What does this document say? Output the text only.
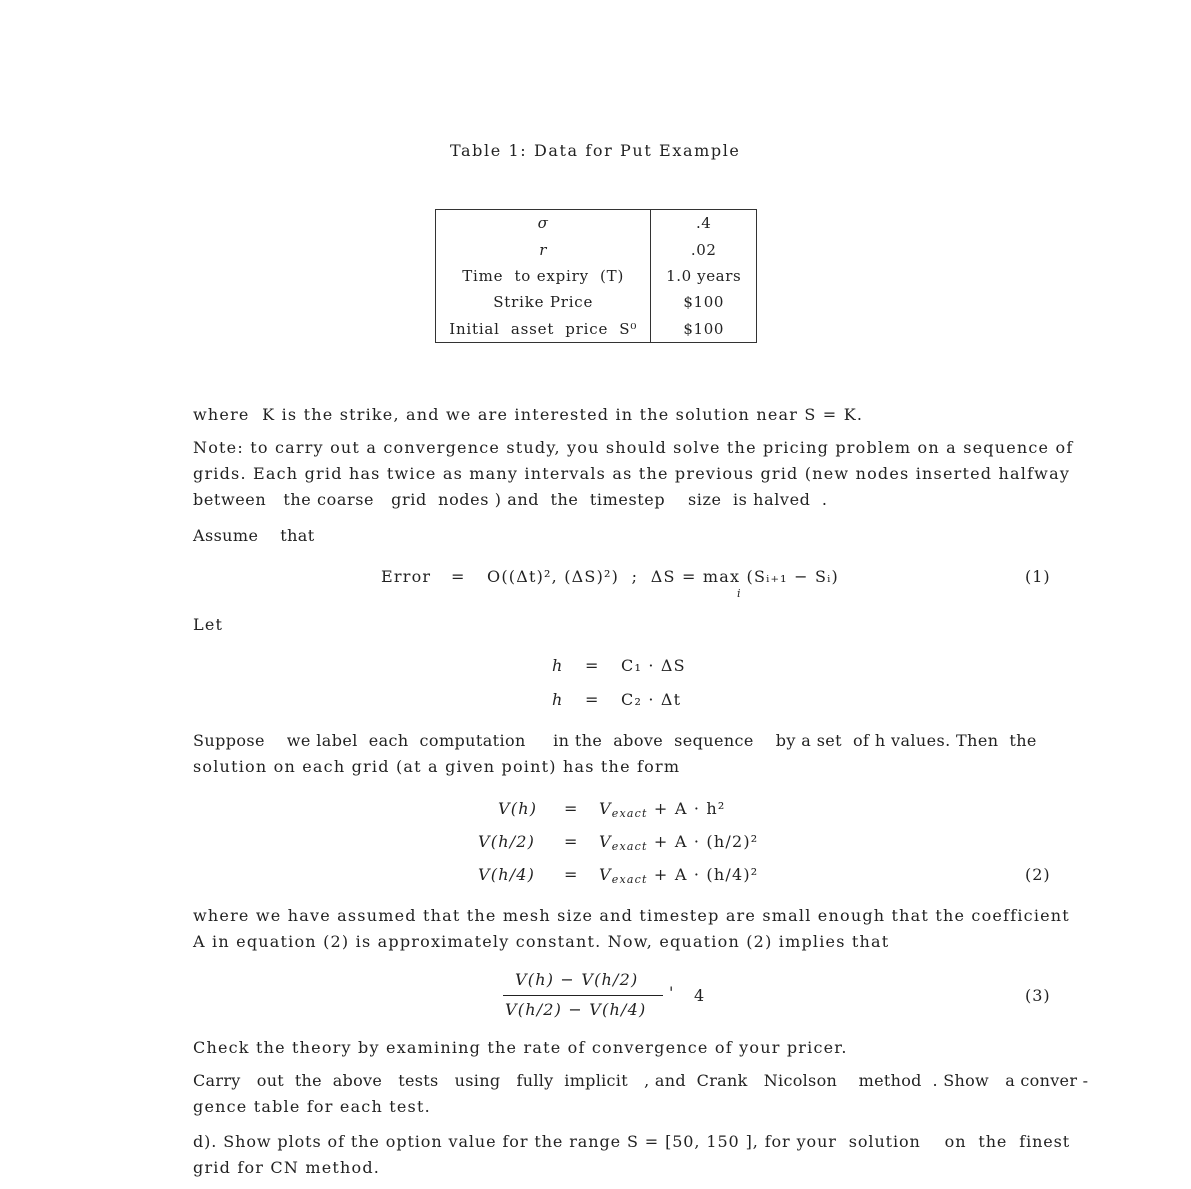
Table 1: Data for Put Example
σ	.4
r	.02
Time  to expiry  (T)	1.0 years
Strike Price	$100
Initial  asset  price  S⁰	$100
where  K is the strike, and we are interested in the solution near S = K.
Note: to carry out a convergence study, you should solve the pricing problem on a sequence of
grids. Each grid has twice as many intervals as the previous grid (new nodes inserted halfway
between   the coarse   grid  nodes ) and  the  timestep    size  is halved  .
Assume    that
Error = O((Δt)², (ΔS)²)  ;  ΔS = max (Sᵢ₊₁ − Sᵢ)
i
(1)
Let
h = C₁ · ΔS
h = C₂ · Δt
Suppose    we label  each  computation     in the  above  sequence    by a set  of h values. Then  the
solution on each grid (at a given point) has the form
$V(h) = V_{exact} + A \cdot h^2$
$V(h/2) = V_{exact} + A \cdot (h/2)^2$
$V(h/4) = V_{exact} + A \cdot (h/4)^2$	(2)
where we have assumed that the mesh size and timestep are small enough that the coefficient
A in equation (2) is approximately constant. Now, equation (2) implies that
V(h) − V(h/2)
V(h/2) − V(h/4)
' 4	(3)
Check the theory by examining the rate of convergence of your pricer.
Carry   out  the  above   tests   using   fully  implicit   , and  Crank   Nicolson    method  . Show   a conver -
gence table for each test.
d). Show plots of the option value for the range S = [50, 150 ], for your  solution    on  the  finest
grid for CN method.
